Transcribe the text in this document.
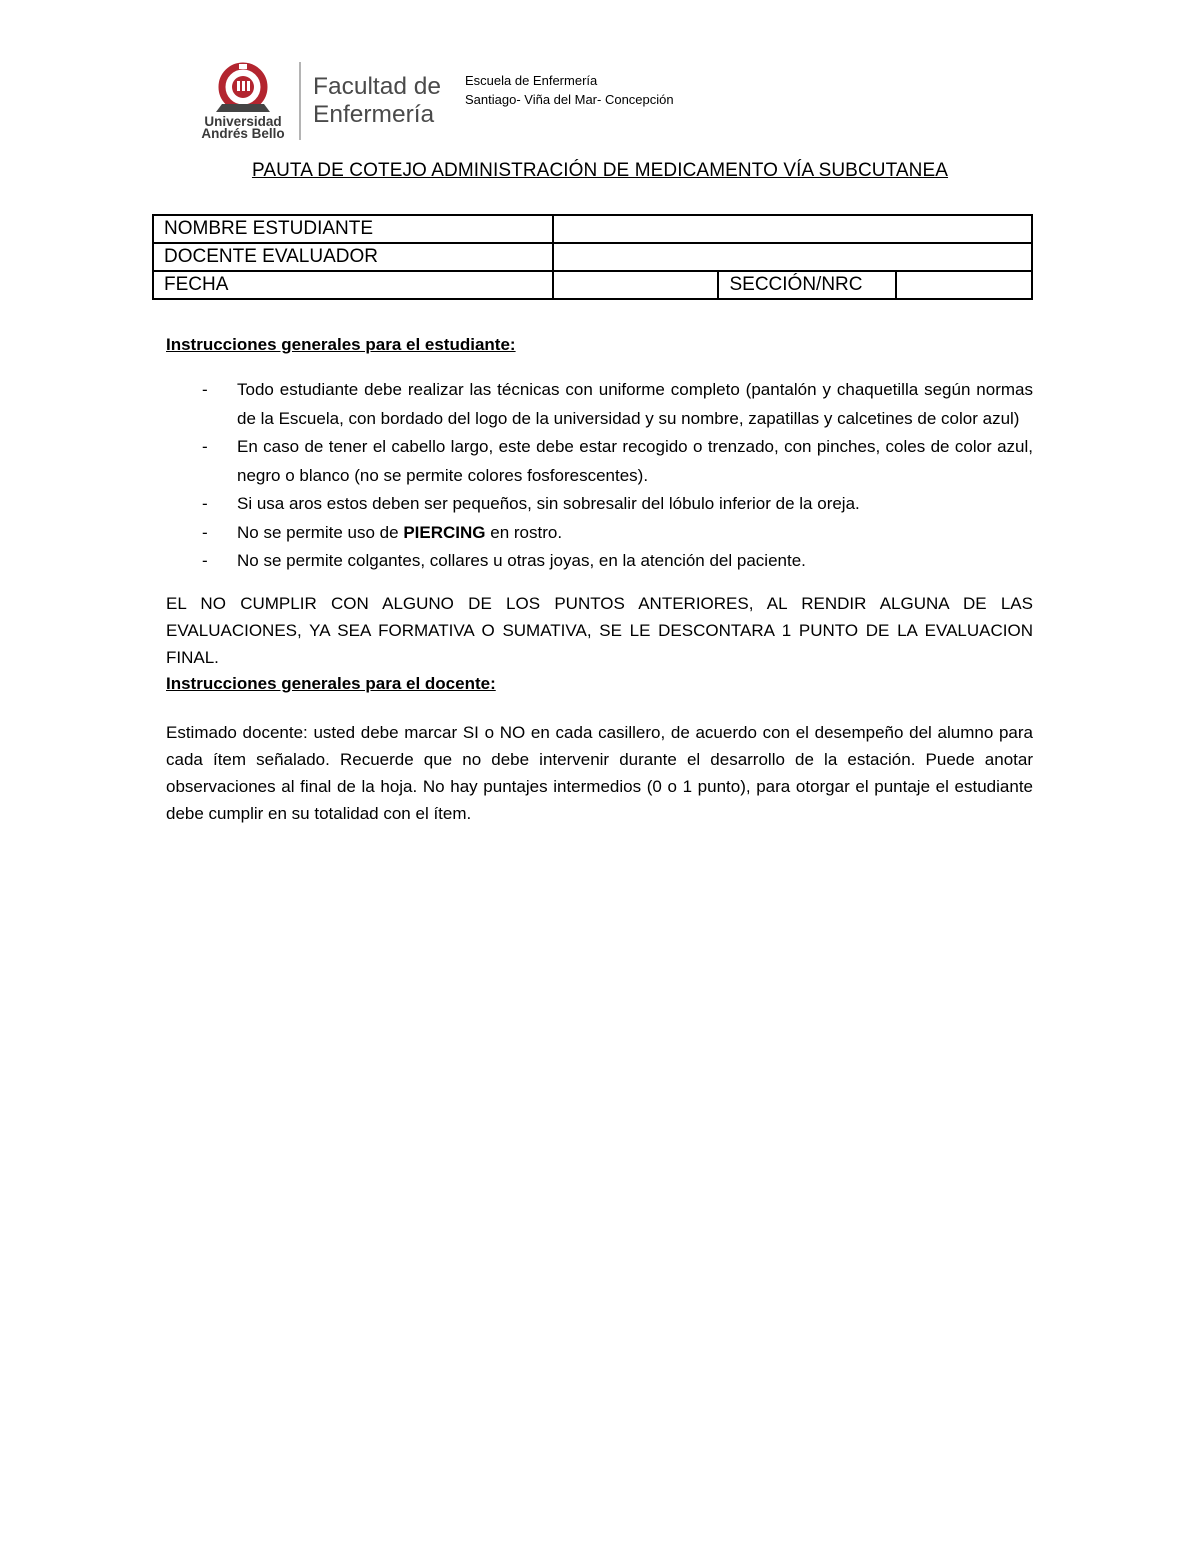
Universidad
Andrés Bello
Facultad de
Enfermería
Escuela de Enfermería
Santiago- Viña del Mar- Concepción
PAUTA DE COTEJO ADMINISTRACIÓN DE MEDICAMENTO VÍA SUBCUTANEA
NOMBRE ESTUDIANTE			
DOCENTE EVALUADOR			
FECHA		SECCIÓN/NRC	
Instrucciones generales para el estudiante:
- Todo estudiante debe realizar las técnicas con uniforme completo (pantalón y chaquetilla según normas de la Escuela, con bordado del logo de la universidad y su nombre, zapatillas y calcetines de color azul)
- En caso de tener el cabello largo, este debe estar recogido o trenzado, con pinches, coles de color azul, negro o blanco (no se permite colores fosforescentes).
- Si usa aros estos deben ser pequeños, sin sobresalir del lóbulo inferior de la oreja.
- No se permite uso de PIERCING en rostro.
- No se permite colgantes, collares u otras joyas, en la atención del paciente.

EL NO CUMPLIR CON ALGUNO DE LOS PUNTOS ANTERIORES, AL RENDIR ALGUNA DE LAS EVALUACIONES, YA SEA FORMATIVA O SUMATIVA, SE LE DESCONTARA 1 PUNTO DE LA EVALUACION FINAL.

Instrucciones generales para el docente:

Estimado docente: usted debe marcar SI o NO en cada casillero, de acuerdo con el desempeño del alumno para cada ítem señalado. Recuerde que no debe intervenir durante el desarrollo de la estación. Puede anotar observaciones al final de la hoja. No hay puntajes intermedios (0 o 1 punto), para otorgar el puntaje el estudiante debe cumplir en su totalidad con el ítem.
